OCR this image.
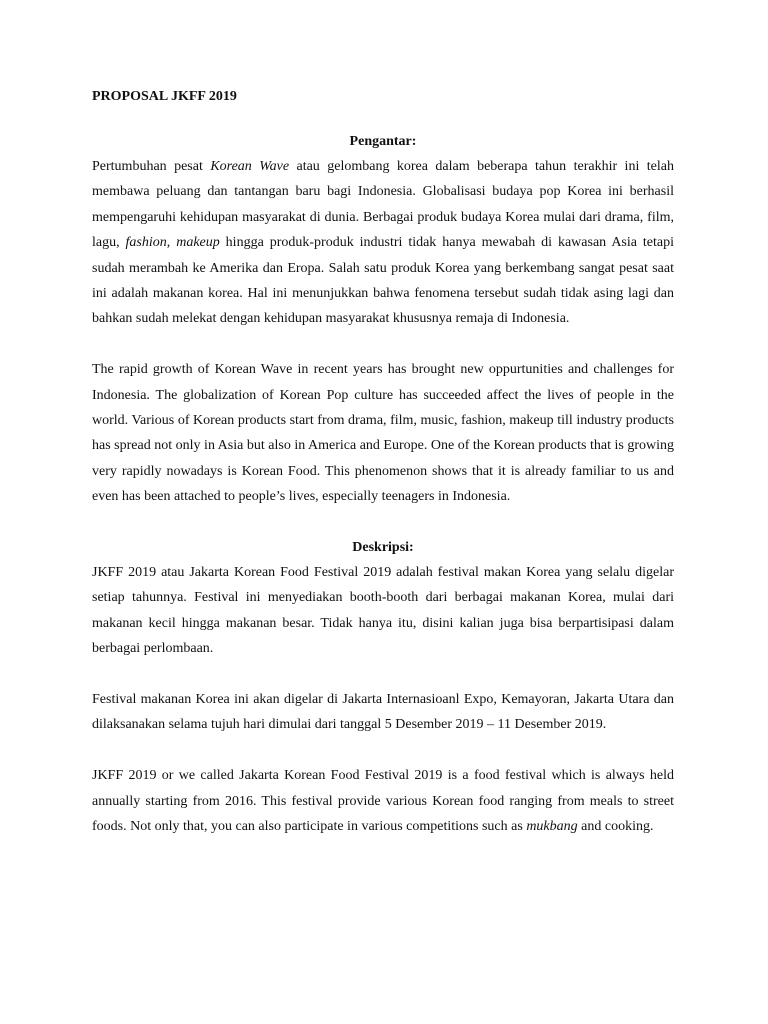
PROPOSAL JKFF 2019
Pengantar:

Pertumbuhan pesat Korean Wave atau gelombang korea dalam beberapa tahun terakhir ini telah membawa peluang dan tantangan baru bagi Indonesia. Globalisasi budaya pop Korea ini berhasil mempengaruhi kehidupan masyarakat di dunia. Berbagai produk budaya Korea mulai dari drama, film, lagu, fashion, makeup hingga produk-produk industri tidak hanya mewabah di kawasan Asia tetapi sudah merambah ke Amerika dan Eropa. Salah satu produk Korea yang berkembang sangat pesat saat ini adalah makanan korea. Hal ini menunjukkan bahwa fenomena tersebut sudah tidak asing lagi dan bahkan sudah melekat dengan kehidupan masyarakat khususnya remaja di Indonesia.

The rapid growth of Korean Wave in recent years has brought new oppurtunities and challenges for Indonesia. The globalization of Korean Pop culture has succeeded affect the lives of people in the world. Various of Korean products start from drama, film, music, fashion, makeup till industry products has spread not only in Asia but also in America and Europe. One of the Korean products that is growing very rapidly nowadays is Korean Food. This phenomenon shows that it is already familiar to us and even has been attached to people’s lives, especially teenagers in Indonesia.

Deskripsi:

JKFF 2019 atau Jakarta Korean Food Festival 2019 adalah festival makan Korea yang selalu digelar setiap tahunnya. Festival ini menyediakan booth-booth dari berbagai makanan Korea, mulai dari makanan kecil hingga makanan besar. Tidak hanya itu, disini kalian juga bisa berpartisipasi dalam berbagai perlombaan.

Festival makanan Korea ini akan digelar di Jakarta Internasioanl Expo, Kemayoran, Jakarta Utara dan dilaksanakan selama tujuh hari dimulai dari tanggal 5 Desember 2019 – 11 Desember 2019.

JKFF 2019 or we called Jakarta Korean Food Festival 2019 is a food festival which is always held annually starting from 2016. This festival provide various Korean food ranging from meals to street foods. Not only that, you can also participate in various competitions such as mukbang and cooking.
